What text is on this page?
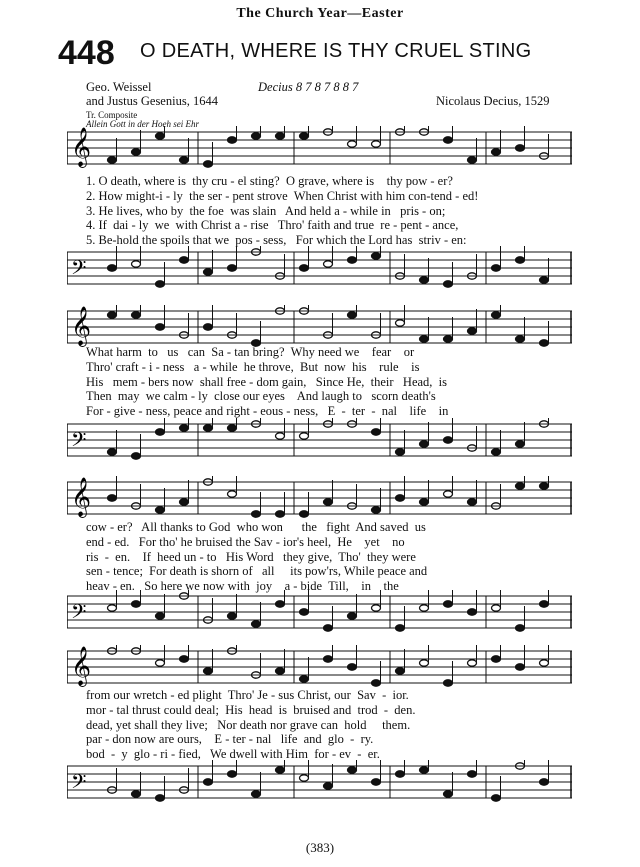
The Church Year—Easter
448 O DEATH, WHERE IS THY CRUEL STING
Geo. Weissel
and Justus Gesenius, 1644
Decius 8 7 8 7 8 8 7
Nicolaus Decius, 1529
Tr. Composite
Allein Gott in der Hoeh sei Ehr
𝄞
1. O death, where is  thy cru - el sting?  O grave, where is    thy pow - er?
2. How might-i - ly  the ser - pent strove  When Christ with him con-tend - ed!
3. He lives, who by  the foe  was slain   And held a - while in   pris - on;
4. If  dai - ly  we  with Christ a - rise   Thro' faith and true  re - pent - ance,
5. Be-hold the spoils that we  pos - sess,   For which the Lord has  striv - en:
𝄢
𝄞
What harm  to   us   can  Sa - tan bring?  Why need we    fear    or
Thro' craft - i - ness   a - while  he throve,  But  now  his    rule    is
His   mem - bers now  shall free - dom gain,   Since He,  their   Head,  is
Then  may  we calm - ly  close our eyes    And laugh to   scorn death's
For - give - ness, peace and right - eous - ness,   E  -  ter  -  nal    life    in
𝄢
𝄞
cow - er?   All thanks to God  who won      the   fight  And saved  us
end - ed.   For tho' he bruised the Sav - ior's heel,  He    yet    no
ris  -  en.    If  heed un - to   His Word   they give,  Tho'  they were
sen - tence;  For death is shorn of   all     its pow'rs, While peace and
heav - en.   So here we now with  joy    a - bide  Till,    in    the
𝄢
𝄞
from our wretch - ed plight  Thro' Je - sus Christ, our  Sav  -  ior.
mor - tal thrust could deal;  His  head  is  bruised and  trod  -  den.
dead, yet shall they live;   Nor death nor grave can  hold     them.
par - don now are ours,    E - ter - nal   life  and  glo  -  ry.
bod  -  y  glo - ri - fied,   We dwell with Him  for - ev  -  er.
𝄢
(383)
